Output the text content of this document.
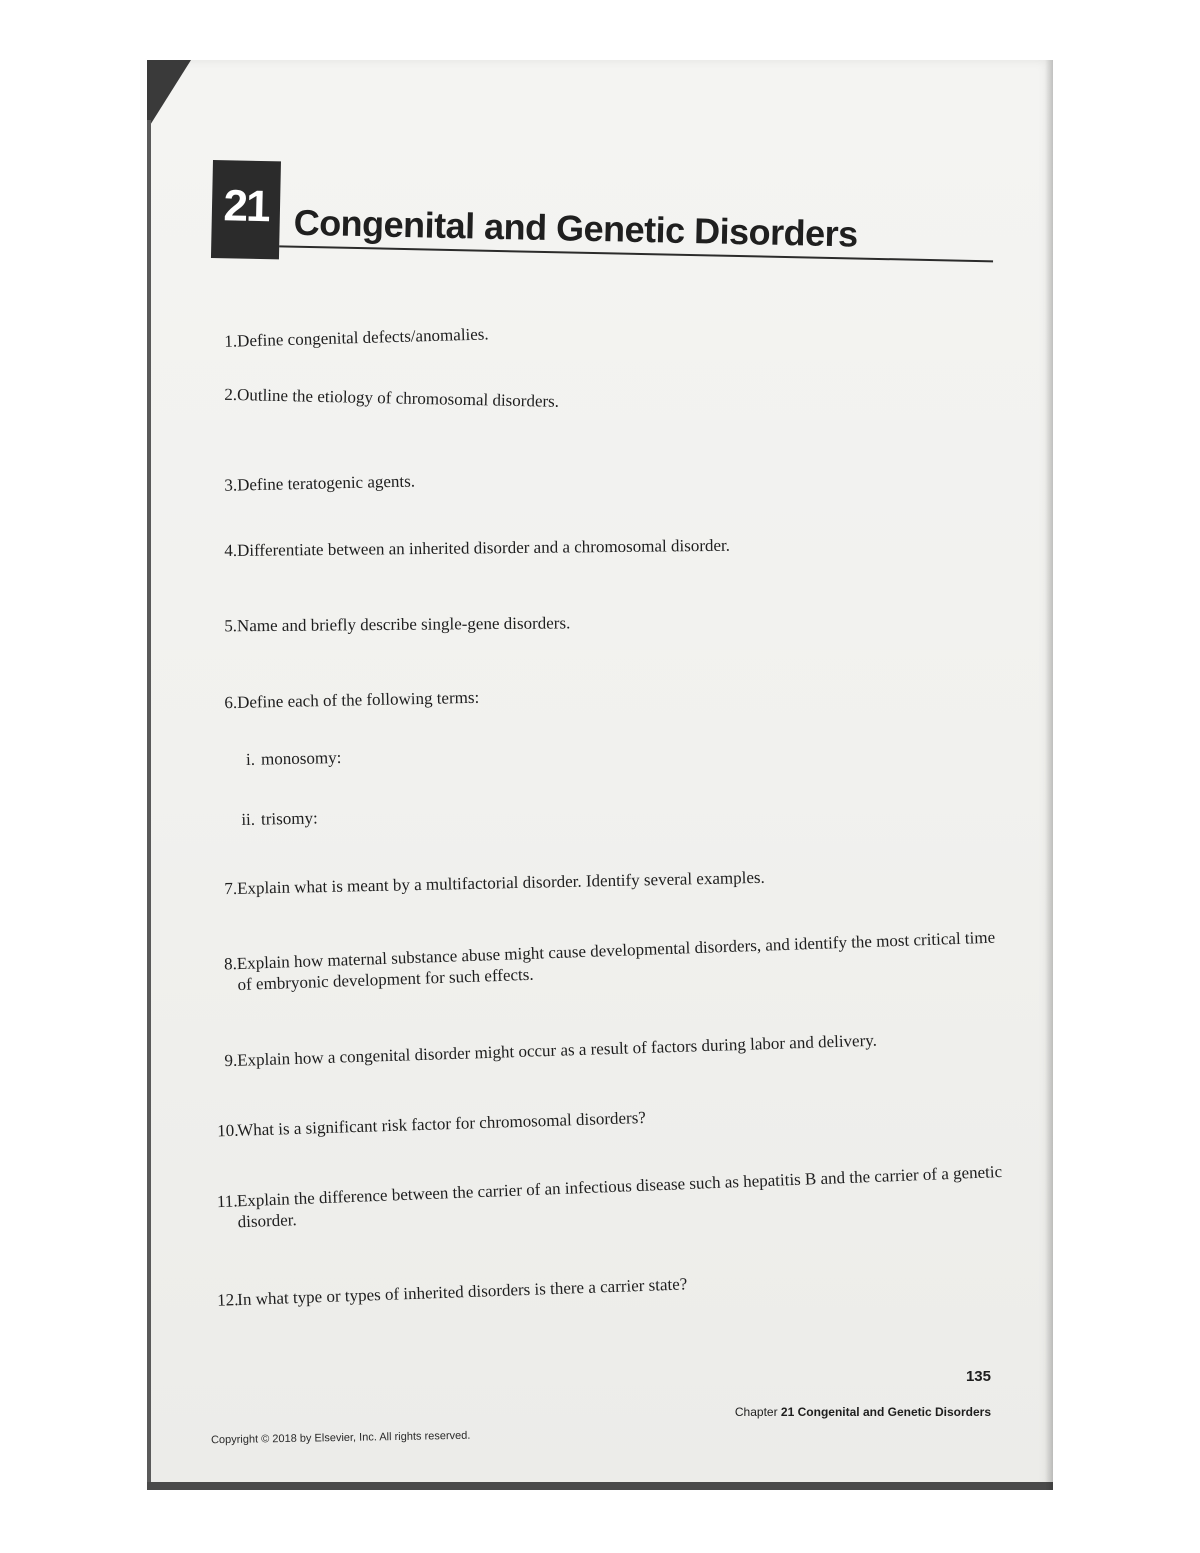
21 Congenital and Genetic Disorders
1. Define congenital defects/anomalies.
2. Outline the etiology of chromosomal disorders.
3. Define teratogenic agents.
4. Differentiate between an inherited disorder and a chromosomal disorder.
5. Name and briefly describe single-gene disorders.
6. Define each of the following terms:
i. monosomy:
ii. trisomy:
7. Explain what is meant by a multifactorial disorder. Identify several examples.
8. Explain how maternal substance abuse might cause developmental disorders, and identify the most critical time of embryonic development for such effects.
9. Explain how a congenital disorder might occur as a result of factors during labor and delivery.
10.
What is a significant risk factor for chromosomal disorders?
11.
Explain the difference between the carrier of an infectious disease such as hepatitis B and the carrier of a genetic disorder.
12.
In what type or types of inherited disorders is there a carrier state?
135
Chapter 21 Congenital and Genetic Disorders
Copyright © 2018 by Elsevier, Inc. All rights reserved.
